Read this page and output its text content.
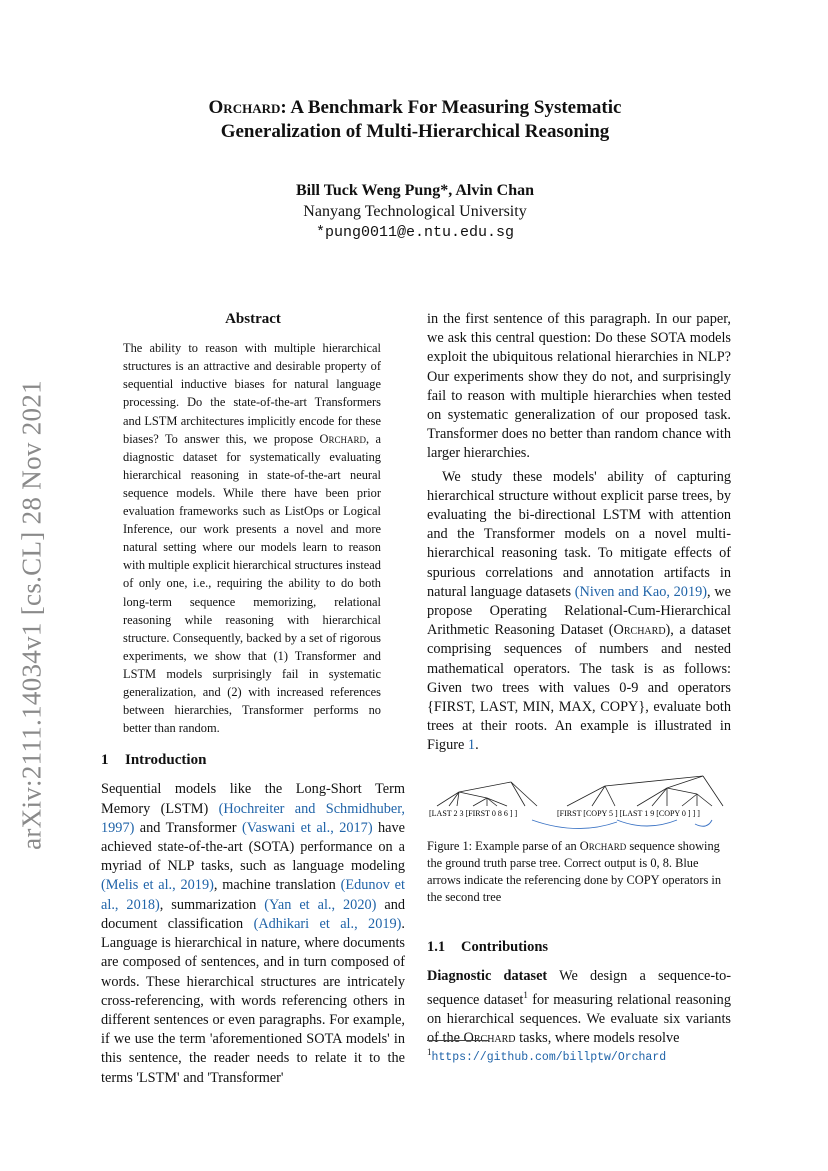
arXiv:2111.14034v1 [cs.CL] 28 Nov 2021
Orchard: A Benchmark For Measuring Systematic
Generalization of Multi-Hierarchical Reasoning
Bill Tuck Weng Pung*, Alvin Chan
Nanyang Technological University
*pung0011@e.ntu.edu.sg
Abstract
The ability to reason with multiple hierarchical structures is an attractive and desirable property of sequential inductive biases for natural language processing. Do the state-of-the-art Transformers and LSTM architectures implicitly encode for these biases? To answer this, we propose Orchard, a diagnostic dataset for systematically evaluating hierarchical reasoning in state-of-the-art neural sequence models. While there have been prior evaluation frameworks such as ListOps or Logical Inference, our work presents a novel and more natural setting where our models learn to reason with multiple explicit hierarchical structures instead of only one, i.e., requiring the ability to do both long-term sequence memorizing, relational reasoning while reasoning with hierarchical structure. Consequently, backed by a set of rigorous experiments, we show that (1) Transformer and LSTM models surprisingly fail in systematic generalization, and (2) with increased references between hierarchies, Transformer performs no better than random.
1 Introduction

Sequential models like the Long-Short Term Memory (LSTM) (Hochreiter and Schmidhuber, 1997) and Transformer (Vaswani et al., 2017) have achieved state-of-the-art (SOTA) performance on a myriad of NLP tasks, such as language modeling (Melis et al., 2019), machine translation (Edunov et al., 2018), summarization (Yan et al., 2020) and document classification (Adhikari et al., 2019). Language is hierarchical in nature, where documents are composed of sentences, and in turn composed of words. These hierarchical structures are intricately cross-referencing, with words referencing others in different sentences or even paragraphs. For example, if we use the term 'aforementioned SOTA models' in this sentence, the reader needs to relate it to the terms 'LSTM' and 'Transformer'

in the first sentence of this paragraph. In our paper, we ask this central question: Do these SOTA models exploit the ubiquitous relational hierarchies in NLP? Our experiments show they do not, and surprisingly fail to reason with multiple hierarchies when tested on systematic generalization of our proposed task. Transformer does no better than random chance with larger hierarchies.

We study these models' ability of capturing hierarchical structure without explicit parse trees, by evaluating the bi-directional LSTM with attention and the Transformer models on a novel multi-hierarchical reasoning task. To mitigate effects of spurious correlations and annotation artifacts in natural language datasets (Niven and Kao, 2019), we propose Operating Relational-Cum-Hierarchical Arithmetic Reasoning Dataset (Orchard), a dataset comprising sequences of numbers and nested mathematical operators. The task is as follows: Given two trees with values 0-9 and operators {FIRST, LAST, MIN, MAX, COPY}, evaluate both trees at their roots. An example is illustrated in Figure 1.

[LAST 2 3 [FIRST 0 8 6 ] ]	[FIRST [COPY 5 ] [LAST 1 9 [COPY 0 ] ] ]
Figure 1: Example parse of an Orchard sequence showing the ground truth parse tree. Correct output is 0, 8. Blue arrows indicate the referencing done by COPY operators in the second tree
1.1 Contributions

Diagnostic dataset We design a sequence-to-sequence dataset$^1$ for measuring relational reasoning on hierarchical sequences. We evaluate six variants of the Orchard tasks, where models resolve

$^1$https://github.com/billptw/Orchard
